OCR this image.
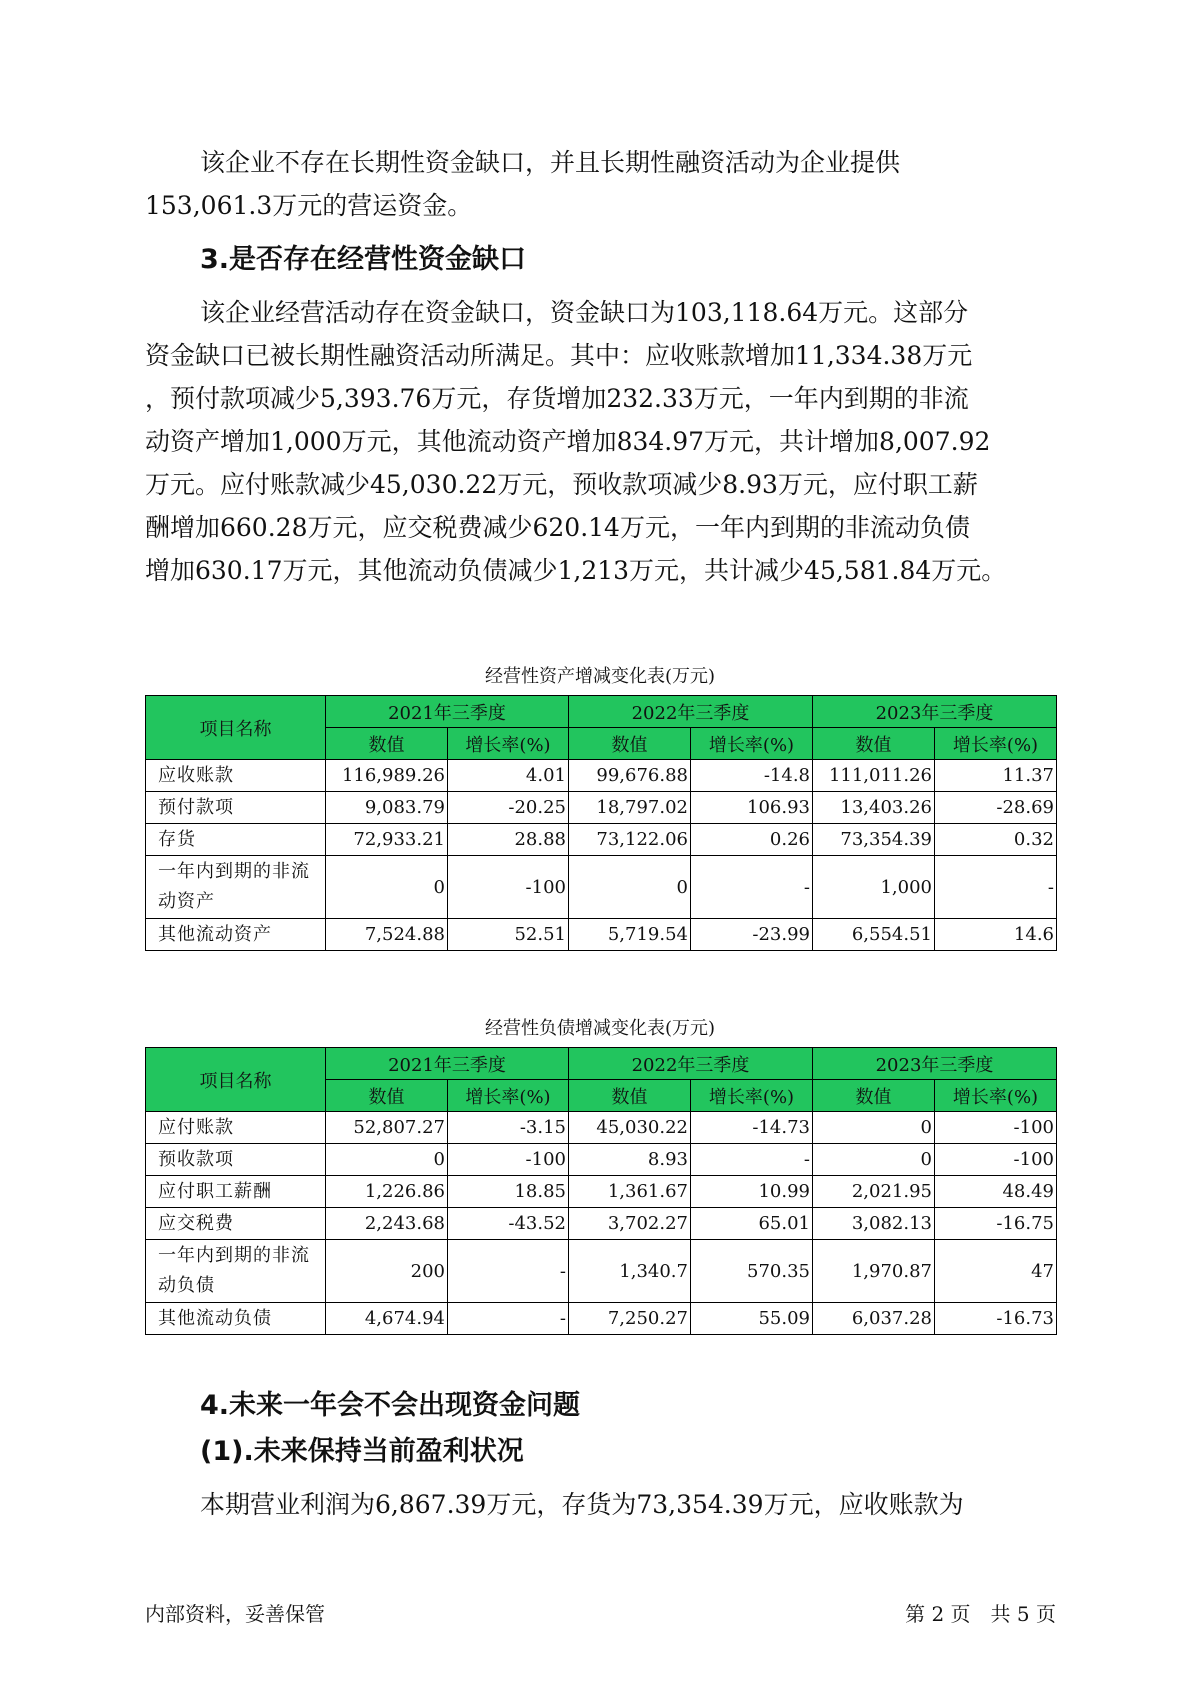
该企业不存在长期性资金缺口，并且长期性融资活动为企业提供
153,061.3万元的营运资金。
3.是否存在经营性资金缺口
该企业经营活动存在资金缺口，资金缺口为103,118.64万元。这部分
资金缺口已被长期性融资活动所满足。其中：应收账款增加11,334.38万元
，预付款项减少5,393.76万元，存货增加232.33万元，一年内到期的非流
动资产增加1,000万元，其他流动资产增加834.97万元，共计增加8,007.92
万元。应付账款减少45,030.22万元，预收款项减少8.93万元，应付职工薪
酬增加660.28万元，应交税费减少620.14万元，一年内到期的非流动负债
增加630.17万元，其他流动负债减少1,213万元，共计减少45,581.84万元。

经营性资产增减变化表(万元)

项目名称	2021年三季度		2022年三季度		2023年三季度	
	数值	增长率(%)	数值	增长率(%)	数值	增长率(%)
应收账款	116,989.26	4.01	99,676.88	-14.8	111,011.26	11.37
预付款项	9,083.79	-20.25	18,797.02	106.93	13,403.26	-28.69
存货	72,933.21	28.88	73,122.06	0.26	73,354.39	0.32
一年内到期的非流动资产	0	-100	0	-	1,000	-
其他流动资产	7,524.88	52.51	5,719.54	-23.99	6,554.51	14.6

经营性负债增减变化表(万元)

项目名称	2021年三季度		2022年三季度		2023年三季度	
	数值	增长率(%)	数值	增长率(%)	数值	增长率(%)
应付账款	52,807.27	-3.15	45,030.22	-14.73	0	-100
预收款项	0	-100	8.93	-	0	-100
应付职工薪酬	1,226.86	18.85	1,361.67	10.99	2,021.95	48.49
应交税费	2,243.68	-43.52	3,702.27	65.01	3,082.13	-16.75
一年内到期的非流动负债	200	-	1,340.7	570.35	1,970.87	47
其他流动负债	4,674.94	-	7,250.27	55.09	6,037.28	-16.73
4.未来一年会不会出现资金问题
(1).未来保持当前盈利状况
本期营业利润为6,867.39万元，存货为73,354.39万元，应收账款为

内部资料，妥善保管	第 2 页　共 5 页
